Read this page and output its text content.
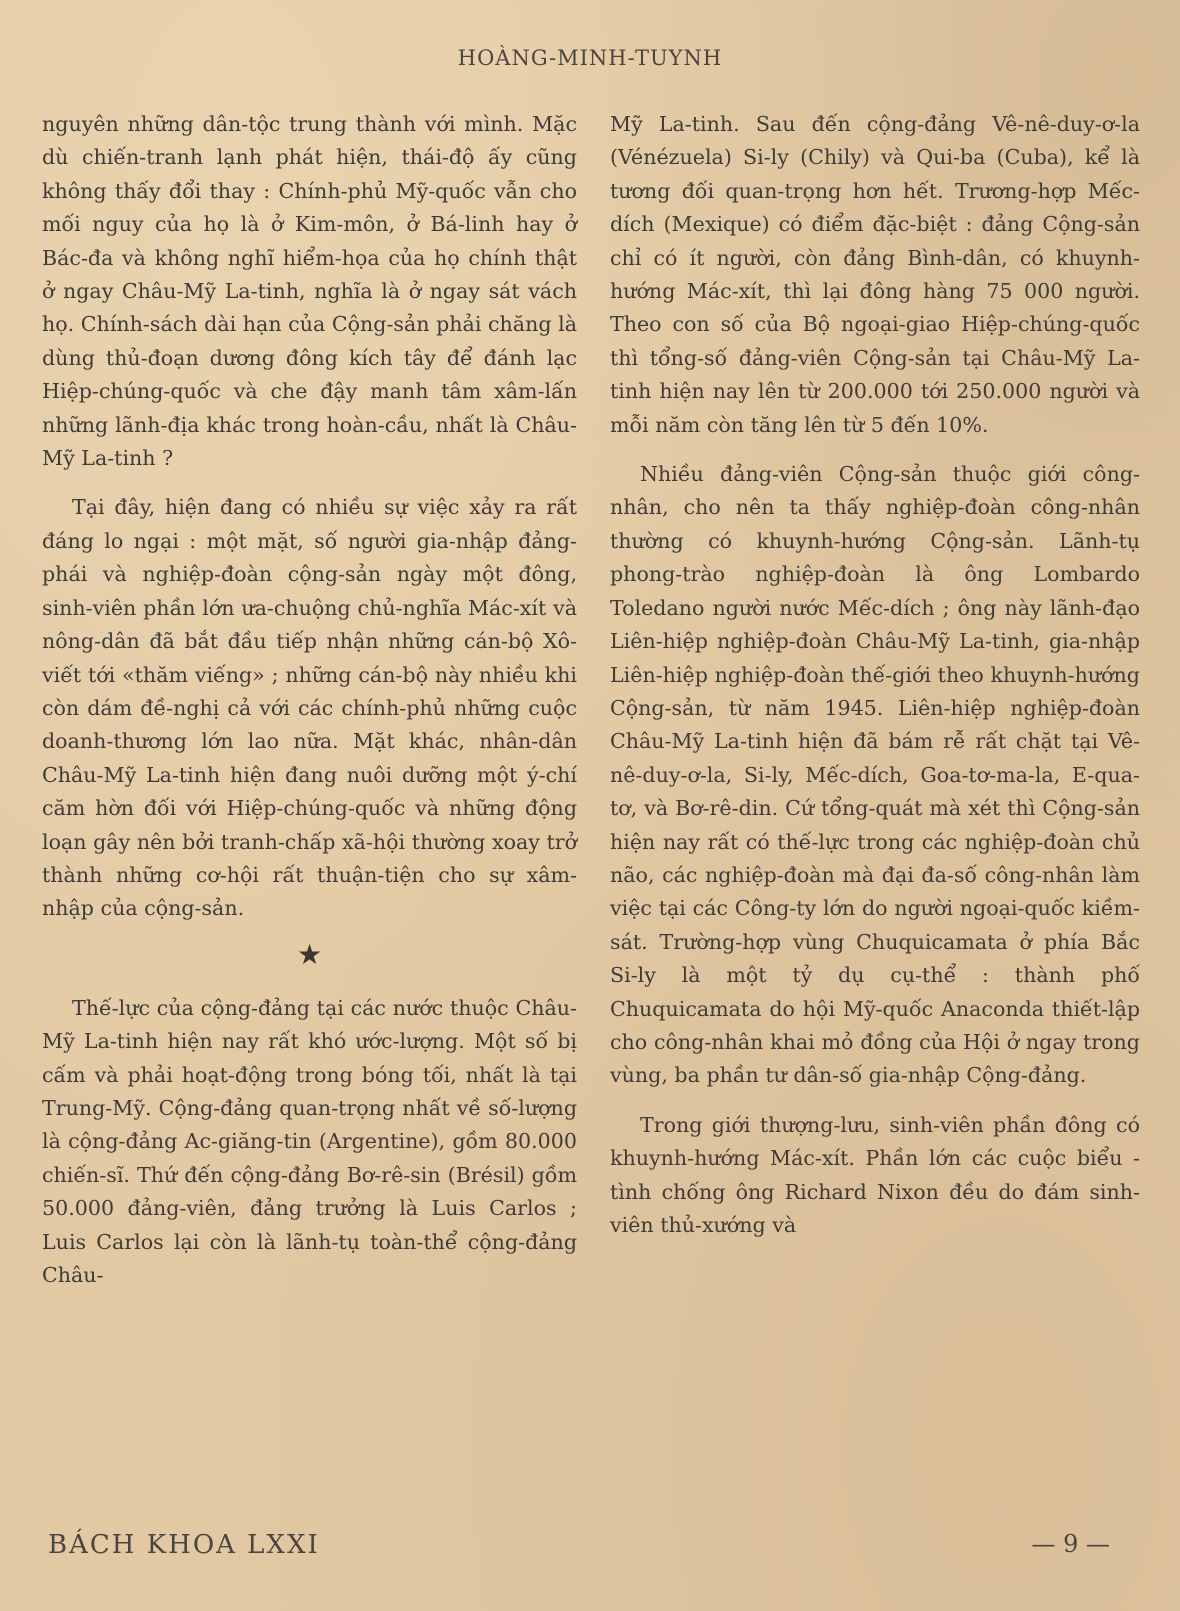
HOÀNG-MINH-TUYNH

nguyên những dân-tộc trung thành với mình. Mặc dù chiến-tranh lạnh phát hiện, thái-độ ấy cũng không thấy đổi thay : Chính-phủ Mỹ-quốc vẫn cho mối nguy của họ là ở Kim-môn, ở Bá-linh hay ở Bác-đa và không nghĩ hiểm-họa của họ chính thật ở ngay Châu-Mỹ La-tinh, nghĩa là ở ngay sát vách họ. Chính-sách dài hạn của Cộng-sản phải chăng là dùng thủ-đoạn dương đông kích tây để đánh lạc Hiệp-chúng-quốc và che đậy manh tâm xâm-lấn những lãnh-địa khác trong hoàn-cầu, nhất là Châu-Mỹ La-tinh ?

Tại đây, hiện đang có nhiều sự việc xảy ra rất đáng lo ngại : một mặt, số người gia-nhập đảng-phái và nghiệp-đoàn cộng-sản ngày một đông, sinh-viên phần lớn ưa-chuộng chủ-nghĩa Mác-xít và nông-dân đã bắt đầu tiếp nhận những cán-bộ Xô-viết tới «thăm viếng» ; những cán-bộ này nhiều khi còn dám đề-nghị cả với các chính-phủ những cuộc doanh-thương lớn lao nữa. Mặt khác, nhân-dân Châu-Mỹ La-tinh hiện đang nuôi dưỡng một ý-chí căm hờn đối với Hiệp-chúng-quốc và những động loạn gây nên bởi tranh-chấp xã-hội thường xoay trở thành những cơ-hội rất thuận-tiện cho sự xâm-nhập của cộng-sản.

★

Thế-lực của cộng-đảng tại các nước thuộc Châu-Mỹ La-tinh hiện nay rất khó ước-lượng. Một số bị cấm và phải hoạt-động trong bóng tối, nhất là tại Trung-Mỹ. Cộng-đảng quan-trọng nhất về số-lượng là cộng-đảng Ac-giăng-tin (Argentine), gồm 80.000 chiến-sĩ. Thứ đến cộng-đảng Bơ-rê-sin (Brésil) gồm 50.000 đảng-viên, đảng trưởng là Luis Carlos ; Luis Carlos lại còn là lãnh-tụ toàn-thể cộng-đảng Châu-

Mỹ La-tinh. Sau đến cộng-đảng Vê-nê-duy-ơ-la (Vénézuela) Si-ly (Chily) và Qui-ba (Cuba), kể là tương đối quan-trọng hơn hết. Trương-hợp Mếc-dích (Mexique) có điểm đặc-biệt : đảng Cộng-sản chỉ có ít người, còn đảng Bình-dân, có khuynh-hướng Mác-xít, thì lại đông hàng 75 000 người. Theo con số của Bộ ngoại-giao Hiệp-chúng-quốc thì tổng-số đảng-viên Cộng-sản tại Châu-Mỹ La-tinh hiện nay lên từ 200.000 tới 250.000 người và mỗi năm còn tăng lên từ 5 đến 10%.

Nhiều đảng-viên Cộng-sản thuộc giới công-nhân, cho nên ta thấy nghiệp-đoàn công-nhân thường có khuynh-hướng Cộng-sản. Lãnh-tụ phong-trào nghiệp-đoàn là ông Lombardo Toledano người nước Mếc-dích ; ông này lãnh-đạo Liên-hiệp nghiệp-đoàn Châu-Mỹ La-tinh, gia-nhập Liên-hiệp nghiệp-đoàn thế-giới theo khuynh-hướng Cộng-sản, từ năm 1945. Liên-hiệp nghiệp-đoàn Châu-Mỹ La-tinh hiện đã bám rễ rất chặt tại Vê-nê-duy-ơ-la, Si-ly, Mếc-dích, Goa-tơ-ma-la, E-qua-tơ, và Bơ-rê-din. Cứ tổng-quát mà xét thì Cộng-sản hiện nay rất có thế-lực trong các nghiệp-đoàn chủ não, các nghiệp-đoàn mà đại đa-số công-nhân làm việc tại các Công-ty lớn do người ngoại-quốc kiềm-sát. Trường-hợp vùng Chuquicamata ở phía Bắc Si-ly là một tỷ dụ cụ-thể : thành phố Chuquicamata do hội Mỹ-quốc Anaconda thiết-lập cho công-nhân khai mỏ đồng của Hội ở ngay trong vùng, ba phần tư dân-số gia-nhập Cộng-đảng.

Trong giới thượng-lưu, sinh-viên phần đông có khuynh-hướng Mác-xít. Phần lớn các cuộc biểu - tình chống ông Richard Nixon đều do đám sinh-viên thủ-xướng và

BÁCH KHOA LXXI	— 9 —
